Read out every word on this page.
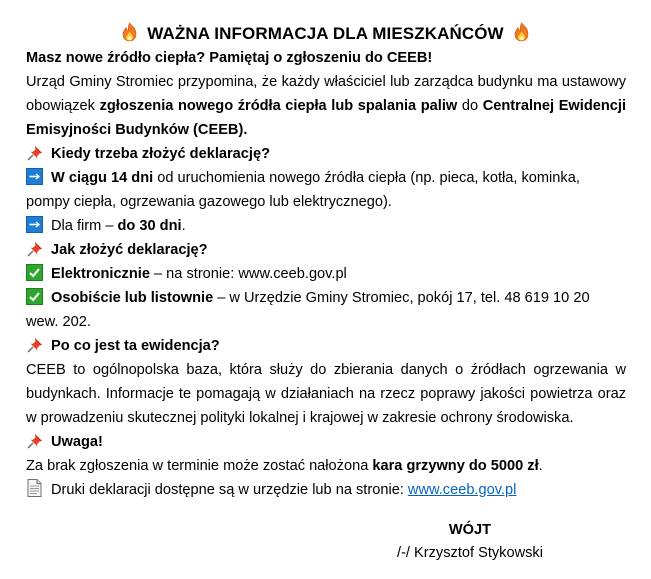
WAŻNA INFORMACJA DLA MIESZKAŃCÓW

Masz nowe źródło ciepła? Pamiętaj o zgłoszeniu do CEEB!

Urząd Gminy Stromiec przypomina, że każdy właściciel lub zarządca budynku ma ustawowy obowiązek zgłoszenia nowego źródła ciepła lub spalania paliw do Centralnej Ewidencji Emisyjności Budynków (CEEB).

Kiedy trzeba złożyć deklarację?

W ciągu 14 dni od uruchomienia nowego źródła ciepła (np. pieca, kotła, kominka, pompy ciepła, ogrzewania gazowego lub elektrycznego).

Dla firm – do 30 dni.

Jak złożyć deklarację?

Elektronicznie – na stronie: www.ceeb.gov.pl

Osobiście lub listownie – w Urzędzie Gminy Stromiec, pokój 17, tel. 48 619 10 20 wew. 202.

Po co jest ta ewidencja?

CEEB to ogólnopolska baza, która służy do zbierania danych o źródłach ogrzewania w budynkach. Informacje te pomagają w działaniach na rzecz poprawy jakości powietrza oraz w prowadzeniu skutecznej polityki lokalnej i krajowej w zakresie ochrony środowiska.

Uwaga!

Za brak zgłoszenia w terminie może zostać nałożona kara grzywny do 5000 zł.

Druki deklaracji dostępne są w urzędzie lub na stronie: www.ceeb.gov.pl

WÓJT
/-/ Krzysztof Stykowski
